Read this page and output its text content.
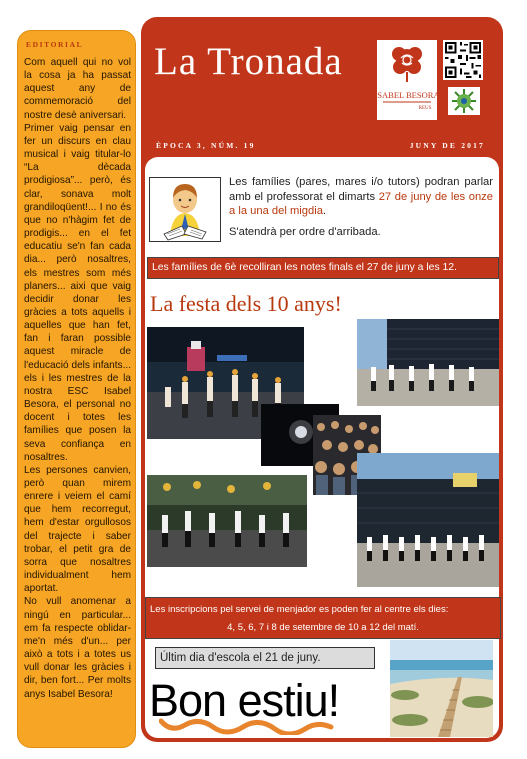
EDITORIAL

Com aquell qui no vol la cosa ja ha passat aquest any de commemoració del nostre desè aniversari.

Primer vaig pensar en fer un discurs en clau musical i vaig titular-lo “La dècada prodigiosa”... però, és clar, sonava molt grandiloqüent!... I no és que no n'hàgim fet de prodigis... en el fet educatiu se'n fan cada dia... però nosaltres, els mestres som més planers... aixi que vaig decidir donar les gràcies a tots aquells i aquelles que han fet, fan i faran possible aquest miracle de l'educació dels infants... els i les mestres de la nostra ESC Isabel Besora, el personal no docent i totes les famílies que posen la seva confiança en nosaltres.

Les persones canvien, però quan mirem enrere i veiem el camí que hem recorregut, hem d'estar orgullosos del trajecte i saber trobar, el petit gra de sorra que nosaltres individualment hem aportat.

No vull anomenar a ningú en particular... em fa respecte oblidar-me'n més d'un... per això a tots i a totes us vull donar les gràcies i dir, ben fort... Per molts anys Isabel Besora!

La Tronada
ISABEL BESORA
REUS
ÈPOCA 3, NÚM. 19	JUNY DE 2017

Les famílies (pares, mares i/o tutors) podran parlar amb el professorat el dimarts 27 de juny de les onze a la una del migdia.

S'atendrà per ordre d'arribada.

Les famílies de 6è recolliran les notes finals el 27 de juny a les 12.
La festa dels 10 anys!
Les inscripcions pel servei de menjador es poden fer al centre els dies:
4, 5, 6, 7 i 8 de setembre de 10 a 12 del matí.
Últim dia d'escola el 21 de juny.
Bon estiu!
